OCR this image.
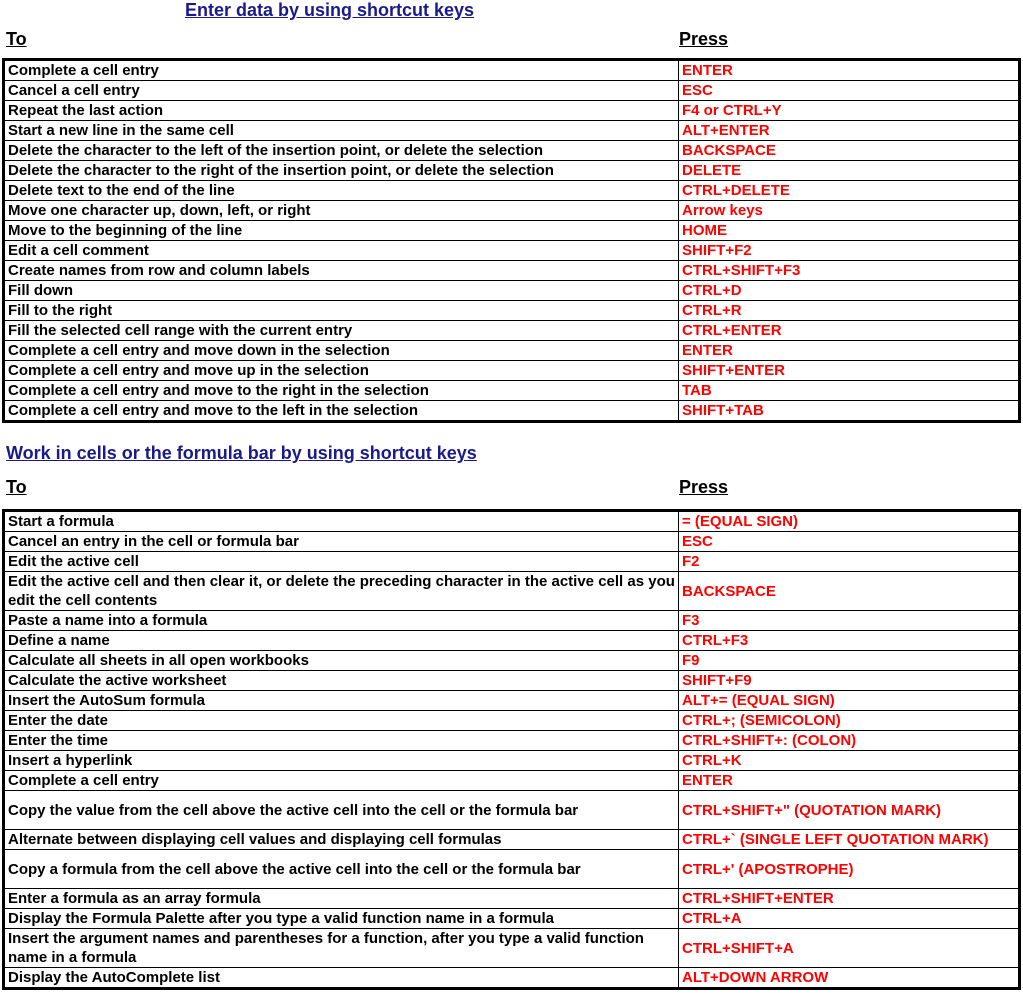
Enter data by using shortcut keys
To	Press
Complete a cell entry	ENTER
Cancel a cell entry	ESC
Repeat the last action	F4 or CTRL+Y
Start a new line in the same cell	ALT+ENTER
Delete the character to the left of the insertion point, or delete the selection	BACKSPACE
Delete the character to the right of the insertion point, or delete the selection	DELETE
Delete text to the end of the line	CTRL+DELETE
Move one character up, down, left, or right	Arrow keys
Move to the beginning of the line	HOME
Edit a cell comment	SHIFT+F2
Create names from row and column labels	CTRL+SHIFT+F3
Fill down	CTRL+D
Fill to the right	CTRL+R
Fill the selected cell range with the current entry	CTRL+ENTER
Complete a cell entry and move down in the selection	ENTER
Complete a cell entry and move up in the selection	SHIFT+ENTER
Complete a cell entry and move to the right in the selection	TAB
Complete a cell entry and move to the left in the selection	SHIFT+TAB
Work in cells or the formula bar by using shortcut keys
To	Press
Start a formula	= (EQUAL SIGN)
Cancel an entry in the cell or formula bar	ESC
Edit the active cell	F2
Edit the active cell and then clear it, or delete the preceding character in the active cell as you edit the cell contents	BACKSPACE
Paste a name into a formula	F3
Define a name	CTRL+F3
Calculate all sheets in all open workbooks	F9
Calculate the active worksheet	SHIFT+F9
Insert the AutoSum formula	ALT+= (EQUAL SIGN)
Enter the date	CTRL+; (SEMICOLON)
Enter the time	CTRL+SHIFT+: (COLON)
Insert a hyperlink	CTRL+K
Complete a cell entry	ENTER
Copy the value from the cell above the active cell into the cell or the formula bar	CTRL+SHIFT+" (QUOTATION MARK)
Alternate between displaying cell values and displaying cell formulas	CTRL+` (SINGLE LEFT QUOTATION MARK)
Copy a formula from the cell above the active cell into the cell or the formula bar	CTRL+' (APOSTROPHE)
Enter a formula as an array formula	CTRL+SHIFT+ENTER
Display the Formula Palette after you type a valid function name in a formula	CTRL+A
Insert the argument names and parentheses for a function, after you type a valid function name in a formula	CTRL+SHIFT+A
Display the AutoComplete list	ALT+DOWN ARROW
